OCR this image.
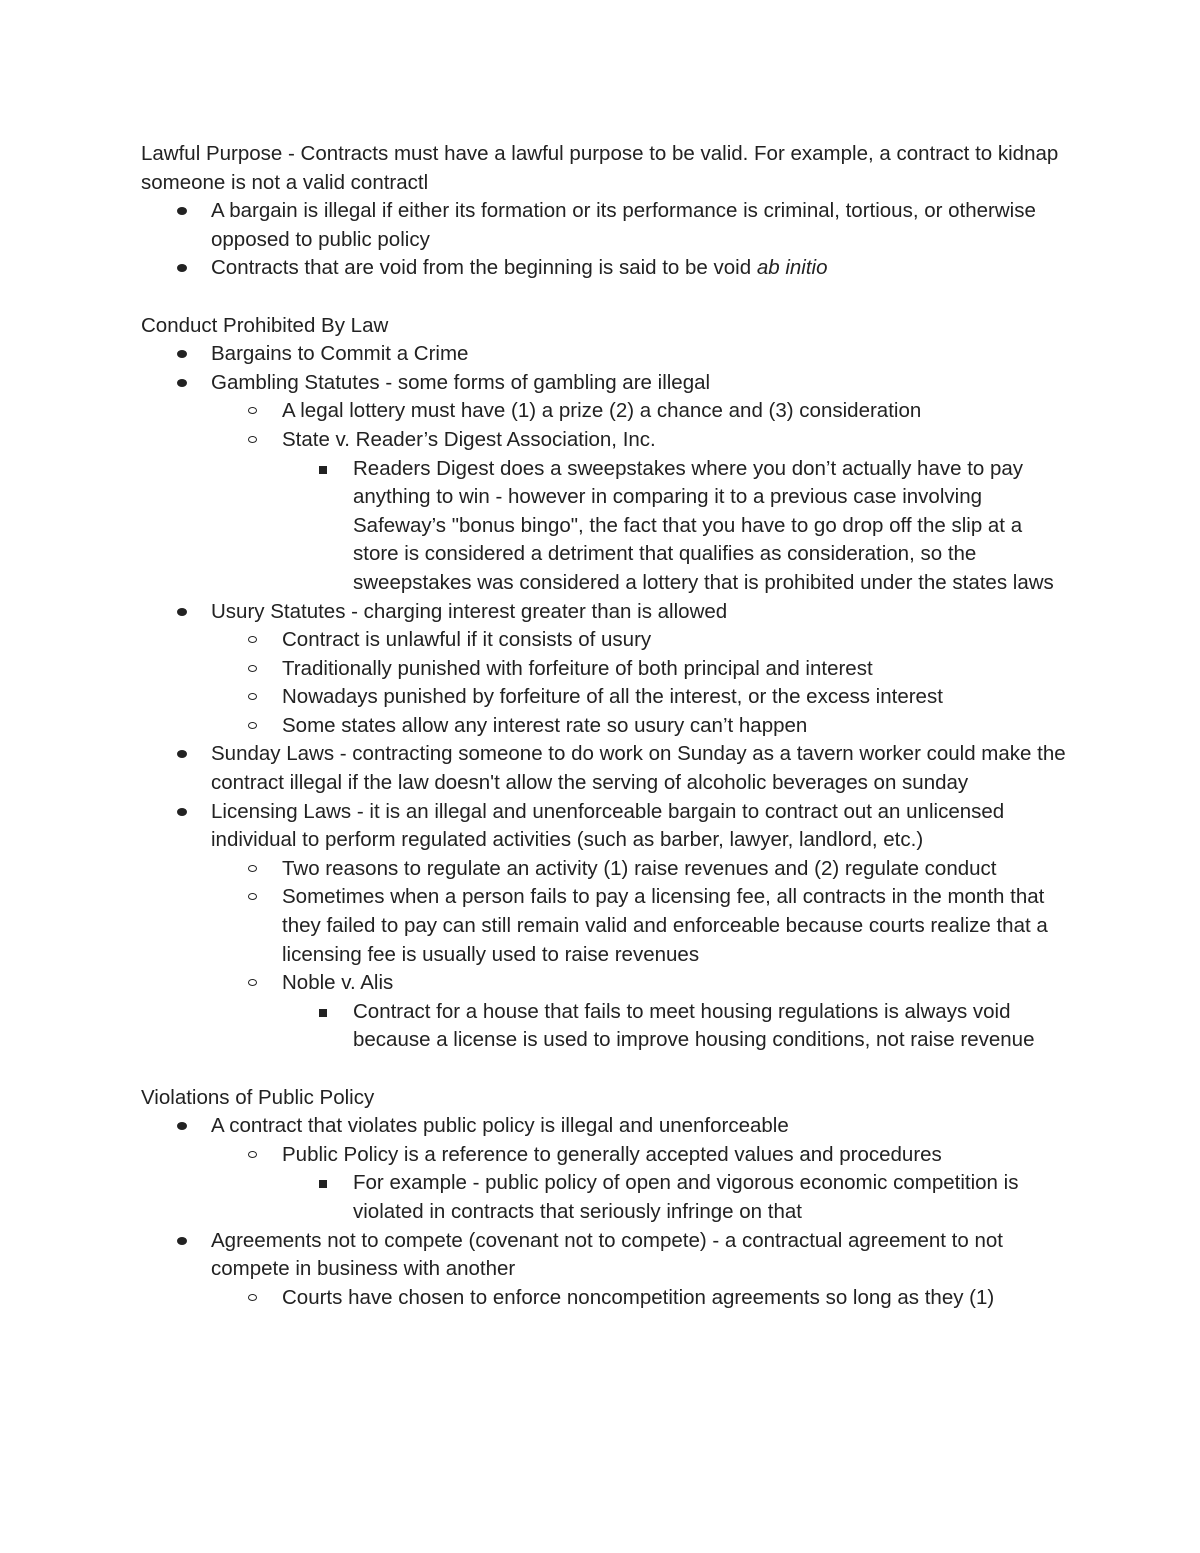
Lawful Purpose - Contracts must have a lawful purpose to be valid. For example, a contract to kidnap someone is not a valid contractl

A bargain is illegal if either its formation or its performance is criminal, tortious, or otherwise opposed to public policy
Contracts that are void from the beginning is said to be void ab initio

Conduct Prohibited By Law

Bargains to Commit a Crime
Gambling Statutes - some forms of gambling are illegal
A legal lottery must have (1) a prize (2) a chance and (3) consideration
State v. Reader’s Digest Association, Inc.
Readers Digest does a sweepstakes where you don’t actually have to pay anything to win - however in comparing it to a previous case involving Safeway’s "bonus bingo", the fact that you have to go drop off the slip at a store is considered a detriment that qualifies as consideration, so the sweepstakes was considered a lottery that is prohibited under the states laws
Usury Statutes - charging interest greater than is allowed
Contract is unlawful if it consists of usury
Traditionally punished with forfeiture of both principal and interest
Nowadays punished by forfeiture of all the interest, or the excess interest
Some states allow any interest rate so usury can’t happen
Sunday Laws - contracting someone to do work on Sunday as a tavern worker could make the contract illegal if the law doesn't allow the serving of alcoholic beverages on sunday
Licensing Laws - it is an illegal and unenforceable bargain to contract out an unlicensed individual to perform regulated activities (such as barber, lawyer, landlord, etc.)
Two reasons to regulate an activity (1) raise revenues and (2) regulate conduct
Sometimes when a person fails to pay a licensing fee, all contracts in the month that they failed to pay can still remain valid and enforceable because courts realize that a licensing fee is usually used to raise revenues
Noble v. Alis
Contract for a house that fails to meet housing regulations is always void because a license is used to improve housing conditions, not raise revenue

Violations of Public Policy

A contract that violates public policy is illegal and unenforceable
Public Policy is a reference to generally accepted values and procedures
For example - public policy of open and vigorous economic competition is violated in contracts that seriously infringe on that
Agreements not to compete (covenant not to compete) - a contractual agreement to not compete in business with another
Courts have chosen to enforce noncompetition agreements so long as they (1)
